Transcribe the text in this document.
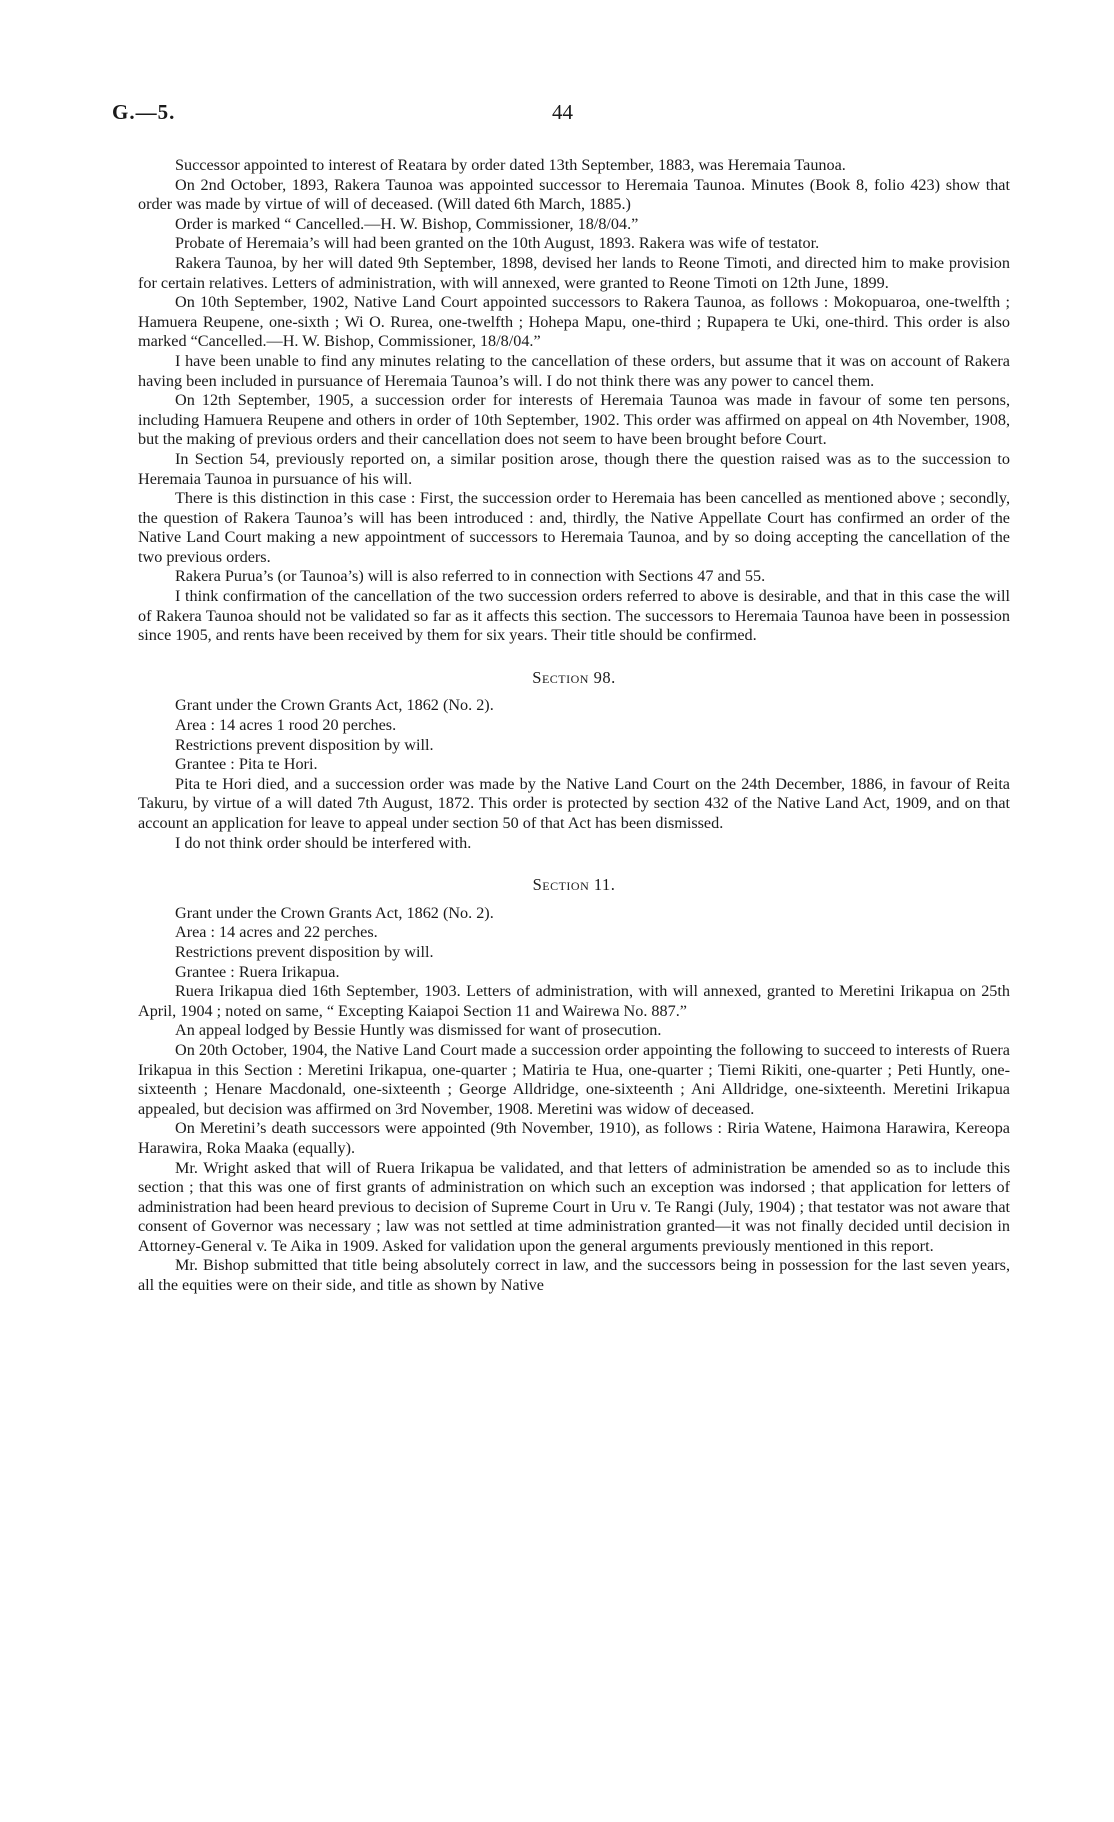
G.—5.	44

Successor appointed to interest of Reatara by order dated 13th September, 1883, was Heremaia Taunoa.

On 2nd October, 1893, Rakera Taunoa was appointed successor to Heremaia Taunoa. Minutes (Book 8, folio 423) show that order was made by virtue of will of deceased. (Will dated 6th March, 1885.)

Order is marked “ Cancelled.—H. W. Bishop, Commissioner, 18/8/04.”

Probate of Heremaia’s will had been granted on the 10th August, 1893. Rakera was wife of testator.

Rakera Taunoa, by her will dated 9th September, 1898, devised her lands to Reone Timoti, and directed him to make provision for certain relatives. Letters of administration, with will annexed, were granted to Reone Timoti on 12th June, 1899.

On 10th September, 1902, Native Land Court appointed successors to Rakera Taunoa, as follows : Mokopuaroa, one-twelfth ; Hamuera Reupene, one-sixth ; Wi O. Rurea, one-twelfth ; Hohepa Mapu, one-third ; Rupapera te Uki, one-third. This order is also marked “Cancelled.—H. W. Bishop, Commissioner, 18/8/04.”

I have been unable to find any minutes relating to the cancellation of these orders, but assume that it was on account of Rakera having been included in pursuance of Heremaia Taunoa’s will. I do not think there was any power to cancel them.

On 12th September, 1905, a succession order for interests of Heremaia Taunoa was made in favour of some ten persons, including Hamuera Reupene and others in order of 10th September, 1902. This order was affirmed on appeal on 4th November, 1908, but the making of previous orders and their cancellation does not seem to have been brought before Court.

In Section 54, previously reported on, a similar position arose, though there the question raised was as to the succession to Heremaia Taunoa in pursuance of his will.

There is this distinction in this case : First, the succession order to Heremaia has been cancelled as mentioned above ; secondly, the question of Rakera Taunoa’s will has been introduced : and, thirdly, the Native Appellate Court has confirmed an order of the Native Land Court making a new appointment of successors to Heremaia Taunoa, and by so doing accepting the cancellation of the two previous orders.

Rakera Purua’s (or Taunoa’s) will is also referred to in connection with Sections 47 and 55.

I think confirmation of the cancellation of the two succession orders referred to above is desirable, and that in this case the will of Rakera Taunoa should not be validated so far as it affects this section. The successors to Heremaia Taunoa have been in possession since 1905, and rents have been received by them for six years. Their title should be confirmed.

Section 98.

Grant under the Crown Grants Act, 1862 (No. 2).

Area : 14 acres 1 rood 20 perches.

Restrictions prevent disposition by will.

Grantee : Pita te Hori.

Pita te Hori died, and a succession order was made by the Native Land Court on the 24th December, 1886, in favour of Reita Takuru, by virtue of a will dated 7th August, 1872. This order is protected by section 432 of the Native Land Act, 1909, and on that account an application for leave to appeal under section 50 of that Act has been dismissed.

I do not think order should be interfered with.

Section 11.

Grant under the Crown Grants Act, 1862 (No. 2).

Area : 14 acres and 22 perches.

Restrictions prevent disposition by will.

Grantee : Ruera Irikapua.

Ruera Irikapua died 16th September, 1903. Letters of administration, with will annexed, granted to Meretini Irikapua on 25th April, 1904 ; noted on same, “ Excepting Kaiapoi Section 11 and Wairewa No. 887.”

An appeal lodged by Bessie Huntly was dismissed for want of prosecution.

On 20th October, 1904, the Native Land Court made a succession order appointing the following to succeed to interests of Ruera Irikapua in this Section : Meretini Irikapua, one-quarter ; Matiria te Hua, one-quarter ; Tiemi Rikiti, one-quarter ; Peti Huntly, one-sixteenth ; Henare Macdonald, one-sixteenth ; George Alldridge, one-sixteenth ; Ani Alldridge, one-sixteenth. Meretini Irikapua appealed, but decision was affirmed on 3rd November, 1908. Meretini was widow of deceased.

On Meretini’s death successors were appointed (9th November, 1910), as follows : Riria Watene, Haimona Harawira, Kereopa Harawira, Roka Maaka (equally).

Mr. Wright asked that will of Ruera Irikapua be validated, and that letters of administration be amended so as to include this section ; that this was one of first grants of administration on which such an exception was indorsed ; that application for letters of administration had been heard previous to decision of Supreme Court in Uru v. Te Rangi (July, 1904) ; that testator was not aware that consent of Governor was necessary ; law was not settled at time administration granted—it was not finally decided until decision in Attorney-General v. Te Aika in 1909. Asked for validation upon the general arguments previously mentioned in this report.

Mr. Bishop submitted that title being absolutely correct in law, and the successors being in possession for the last seven years, all the equities were on their side, and title as shown by Native
